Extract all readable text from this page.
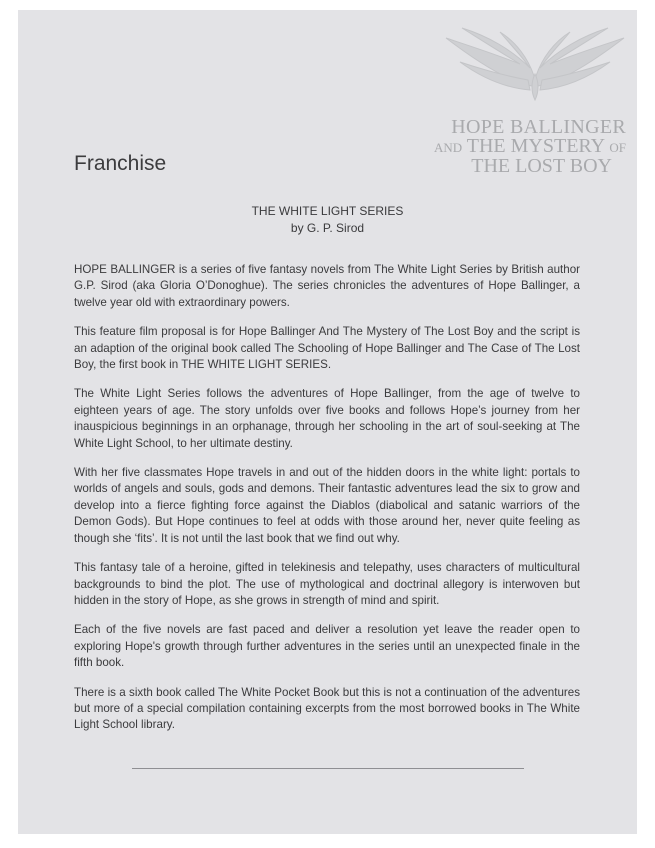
HOPE BALLINGER
AND THE MYSTERY OF
THE LOST BOY
Franchise
THE WHITE LIGHT SERIES
by G. P. Sirod

HOPE BALLINGER is a series of five fantasy novels from The White Light Series by British author G.P. Sirod (aka Gloria O’Donoghue). The series chronicles the adventures of Hope Ballinger, a twelve year old with extraordinary powers.

This feature film proposal is for Hope Ballinger And The Mystery of The Lost Boy and the script is an adaption of the original book called The Schooling of Hope Ballinger and The Case of The Lost Boy, the first book in THE WHITE LIGHT SERIES.

The White Light Series follows the adventures of Hope Ballinger, from the age of twelve to eighteen years of age. The story unfolds over five books and follows Hope’s journey from her inauspicious beginnings in an orphanage, through her schooling in the art of soul-seeking at The White Light School, to her ultimate destiny.

With her five classmates Hope travels in and out of the hidden doors in the white light: portals to worlds of angels and souls, gods and demons. Their fantastic adventures lead the six to grow and develop into a fierce fighting force against the Diablos (diabolical and satanic warriors of the Demon Gods). But Hope continues to feel at odds with those around her, never quite feeling as though she ‘fits’. It is not until the last book that we find out why.

This fantasy tale of a heroine, gifted in telekinesis and telepathy, uses characters of multicultural backgrounds to bind the plot. The use of mythological and doctrinal allegory is interwoven but hidden in the story of Hope, as she grows in strength of mind and spirit.

Each of the five novels are fast paced and deliver a resolution yet leave the reader open to exploring Hope's growth through further adventures in the series until an unexpected finale in the fifth book.

There is a sixth book called The White Pocket Book but this is not a continuation of the adventures but more of a special compilation containing excerpts from the most borrowed books in The White Light School library.
